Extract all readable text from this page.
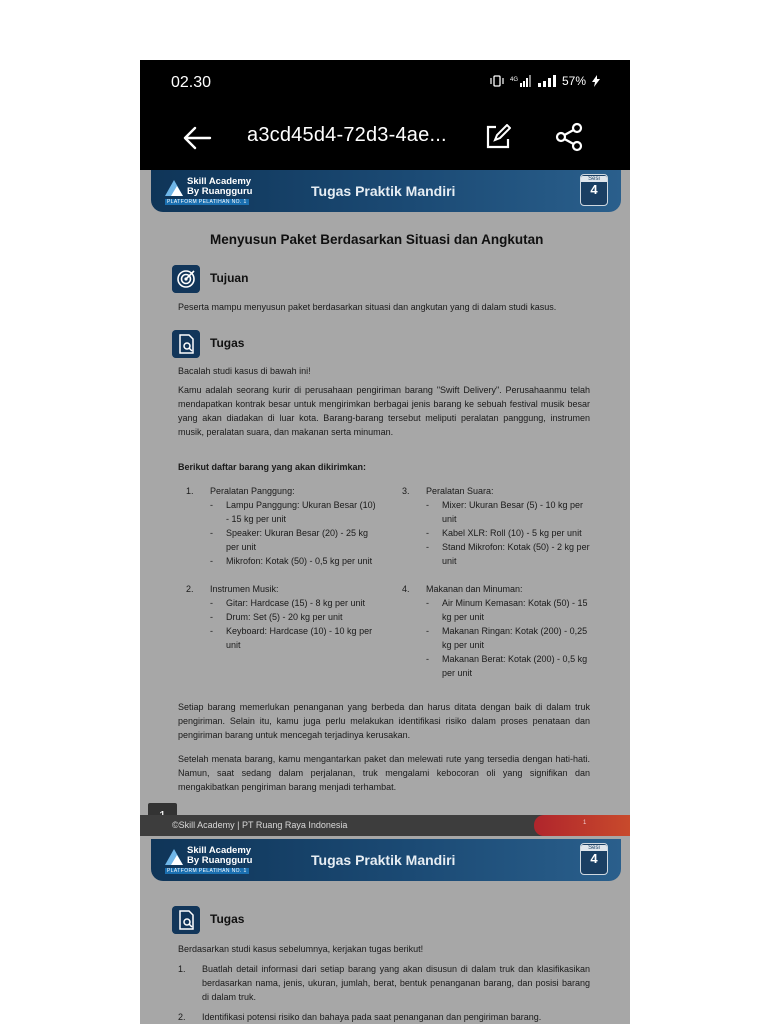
02.30	4G	57%
a3cd45d4-72d3-4ae...
Skill Academy
By Ruangguru
PLATFORM PELATIHAN NO. 1
Tugas Praktik Mandiri
Sesi
4
Menyusun Paket Berdasarkan Situasi dan Angkutan
Tujuan
Peserta mampu menyusun paket berdasarkan situasi dan angkutan yang di dalam studi kasus.
Tugas
Bacalah studi kasus di bawah ini!
Kamu adalah seorang kurir di perusahaan pengiriman barang "Swift Delivery". Perusahaanmu telah mendapatkan kontrak besar untuk mengirimkan berbagai jenis barang ke sebuah festival musik besar yang akan diadakan di luar kota. Barang-barang tersebut meliputi peralatan panggung, instrumen musik, peralatan suara, dan makanan serta minuman.
Berikut daftar barang yang akan dikirimkan:
1. Peralatan Panggung:
- Lampu Panggung: Ukuran Besar (10) - 15 kg per unit
- Speaker: Ukuran Besar (20) - 25 kg per unit
- Mikrofon: Kotak (50) - 0,5 kg per unit
2. Instrumen Musik:
- Gitar: Hardcase (15) - 8 kg per unit
- Drum: Set (5) - 20 kg per unit
- Keyboard: Hardcase (10) - 10 kg per unit
3. Peralatan Suara:
- Mixer: Ukuran Besar (5) - 10 kg per unit
- Kabel XLR: Roll (10) - 5 kg per unit
- Stand Mikrofon: Kotak (50) - 2 kg per unit
4. Makanan dan Minuman:
- Air Minum Kemasan: Kotak (50) - 15 kg per unit
- Makanan Ringan: Kotak (200) - 0,25 kg per unit
- Makanan Berat: Kotak (200) - 0,5 kg per unit
Setiap barang memerlukan penanganan yang berbeda dan harus ditata dengan baik di dalam truk pengiriman. Selain itu, kamu juga perlu melakukan identifikasi risiko dalam proses penataan dan pengiriman barang untuk mencegah terjadinya kerusakan.
Setelah menata barang, kamu mengantarkan paket dan melewati rute yang tersedia dengan hati-hati. Namun, saat sedang dalam perjalanan, truk mengalami kebocoran oli yang signifikan dan mengakibatkan pengiriman barang menjadi terhambat.
©Skill Academy | PT Ruang Raya Indonesia	1
Skill Academy
By Ruangguru
PLATFORM PELATIHAN NO. 1
Tugas Praktik Mandiri
Sesi
4
Tugas
Berdasarkan studi kasus sebelumnya, kerjakan tugas berikut!
1. Buatlah detail informasi dari setiap barang yang akan disusun di dalam truk dan klasifikasikan berdasarkan nama, jenis, ukuran, jumlah, berat, bentuk penanganan barang, dan posisi barang di dalam truk.
2. Identifikasi potensi risiko dan bahaya pada saat penanganan dan pengiriman barang.
